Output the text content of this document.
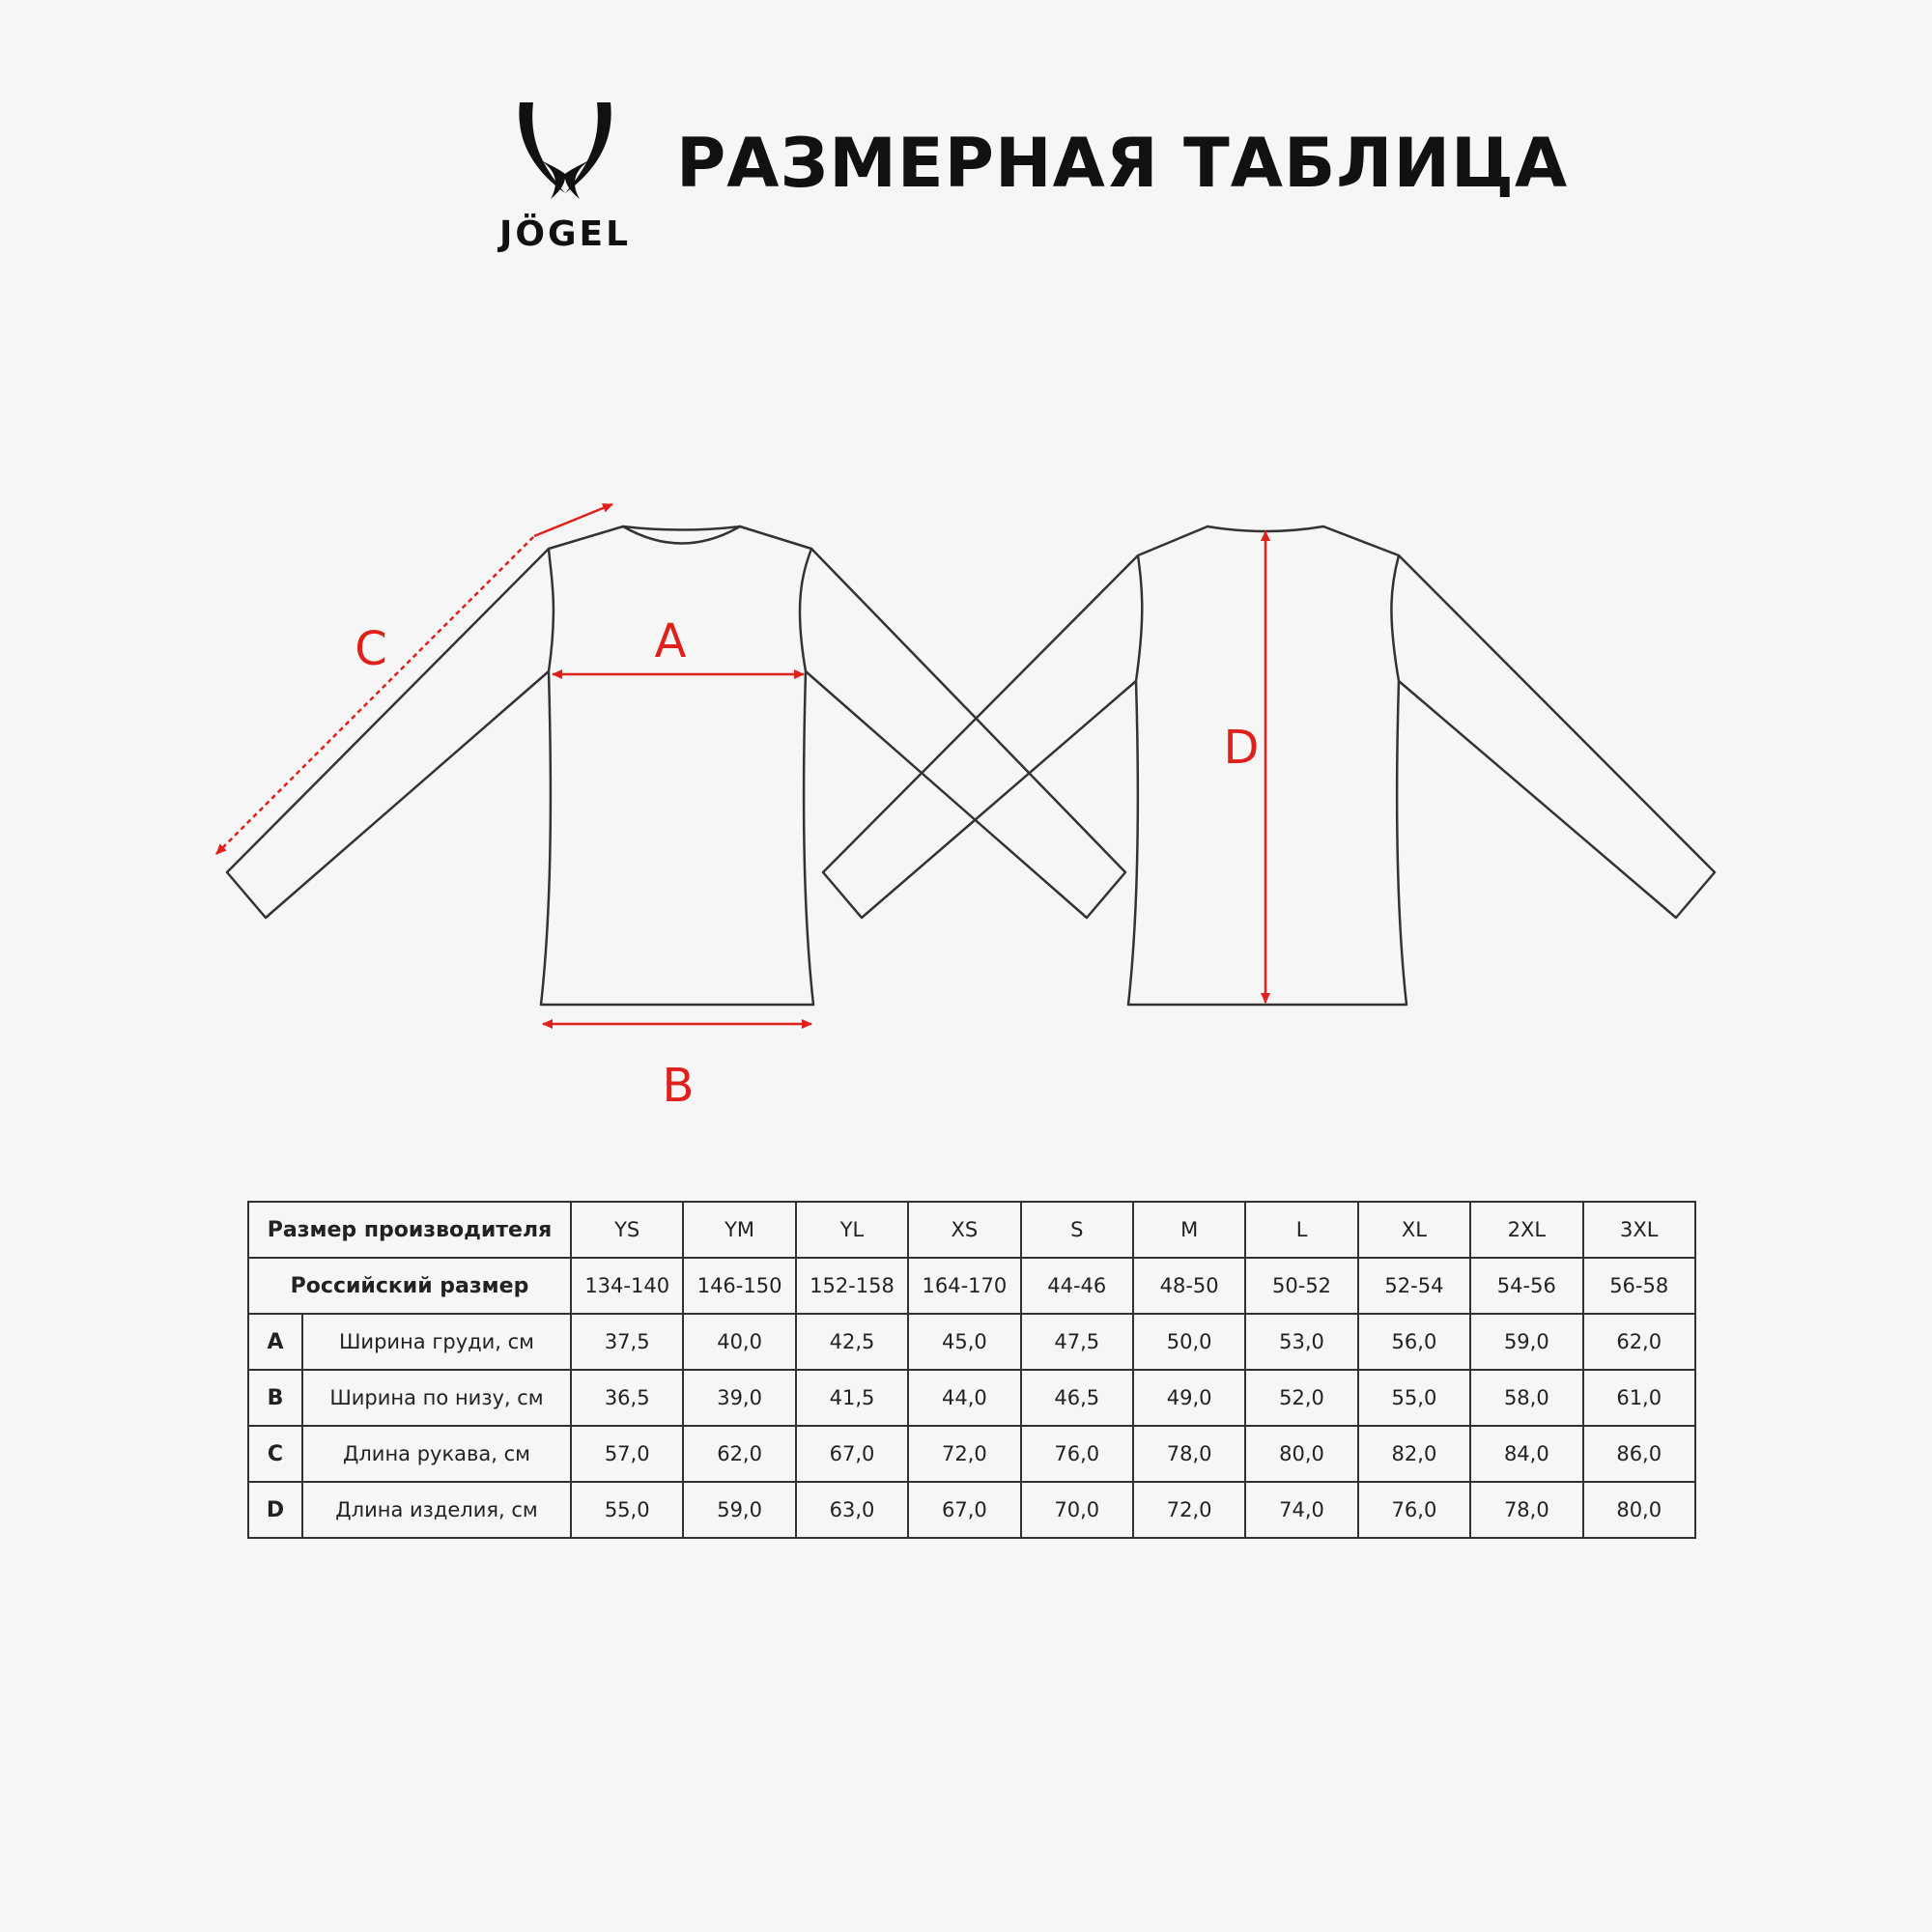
JÖGEL
РАЗМЕРНАЯ ТАБЛИЦА
A
B
C
D
Размер производителя		YS	YM	YL	XS	S	M	L	XL	2XL	3XL
Российский размер		134-140	146-150	152-158	164-170	44-46	48-50	50-52	52-54	54-56	56-58
A	Ширина груди, см	37,5	40,0	42,5	45,0	47,5	50,0	53,0	56,0	59,0	62,0
B	Ширина по низу, см	36,5	39,0	41,5	44,0	46,5	49,0	52,0	55,0	58,0	61,0
C	Длина рукава, см	57,0	62,0	67,0	72,0	76,0	78,0	80,0	82,0	84,0	86,0
D	Длина изделия, см	55,0	59,0	63,0	67,0	70,0	72,0	74,0	76,0	78,0	80,0
